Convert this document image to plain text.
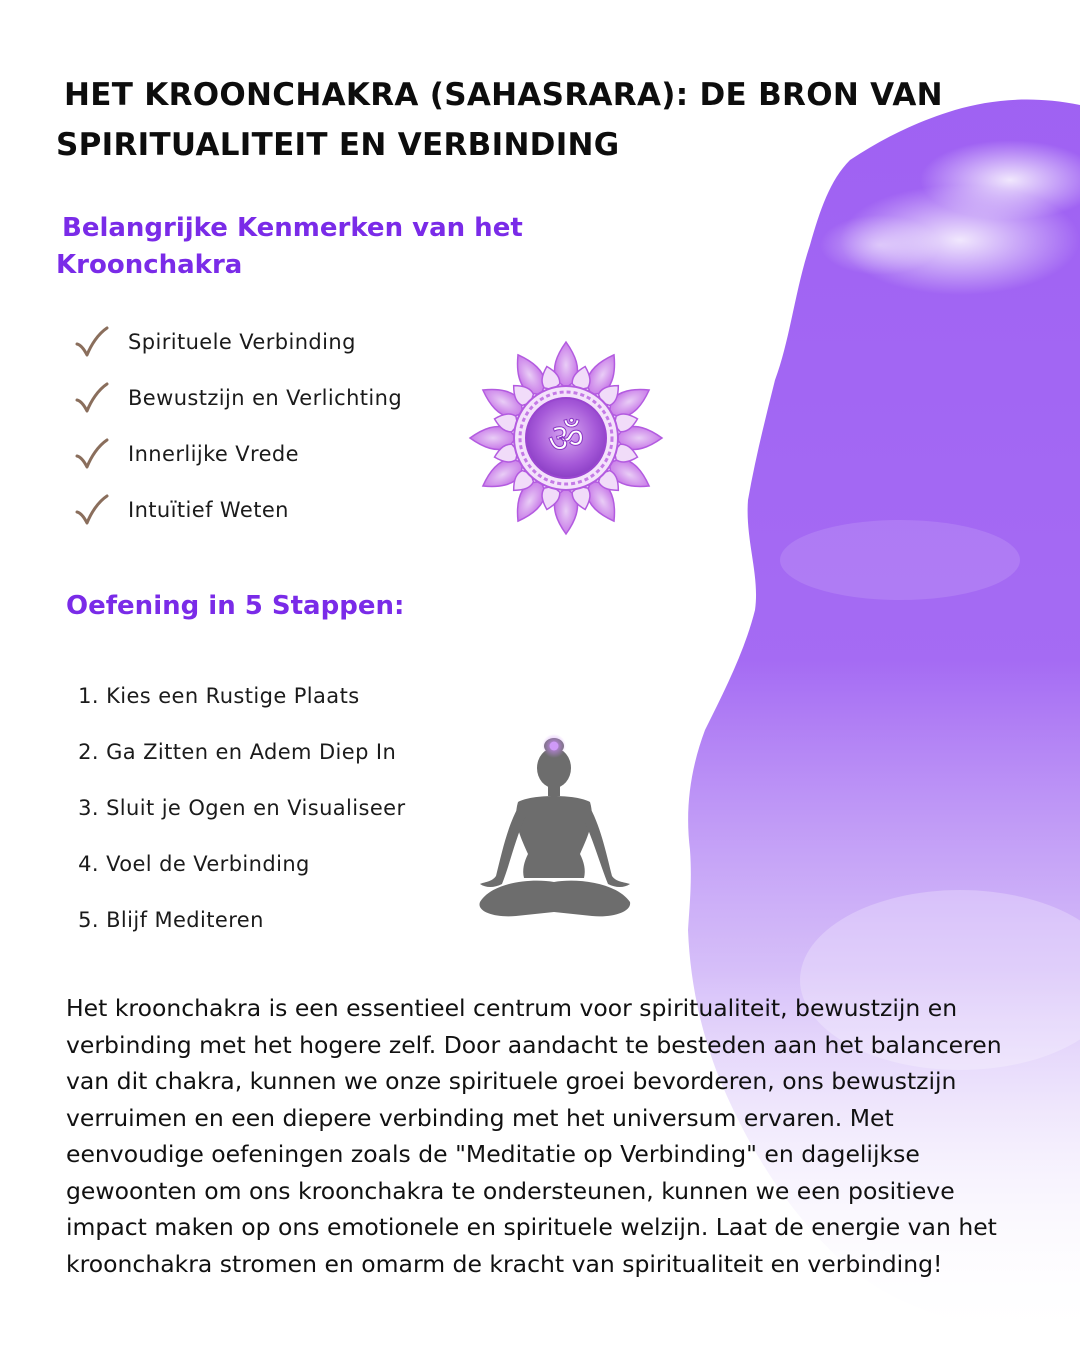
HET KROONCHAKRA (SAHASRARA): DE BRON VAN
SPIRITUALITEIT EN VERBINDING
Belangrijke Kenmerken van het
Kroonchakra
Spirituele Verbinding
Bewustzijn en Verlichting
Innerlijke Vrede
Intuïtief Weten
ॐ
Oefening in 5 Stappen:
1.
Kies een Rustige Plaats
2.
Ga Zitten en Adem Diep In
3.
Sluit je Ogen en Visualiseer
4.
Voel de Verbinding
5.
Blijf Mediteren

Het kroonchakra is een essentieel centrum voor spiritualiteit, bewustzijn en verbinding met het hogere zelf. Door aandacht te besteden aan het balanceren van dit chakra, kunnen we onze spirituele groei bevorderen, ons bewustzijn verruimen en een diepere verbinding met het universum ervaren. Met eenvoudige oefeningen zoals de "Meditatie op Verbinding" en dagelijkse gewoonten om ons kroonchakra te ondersteunen, kunnen we een positieve impact maken op ons emotionele en spirituele welzijn. Laat de energie van het kroonchakra stromen en omarm de kracht van spiritualiteit en verbinding!
